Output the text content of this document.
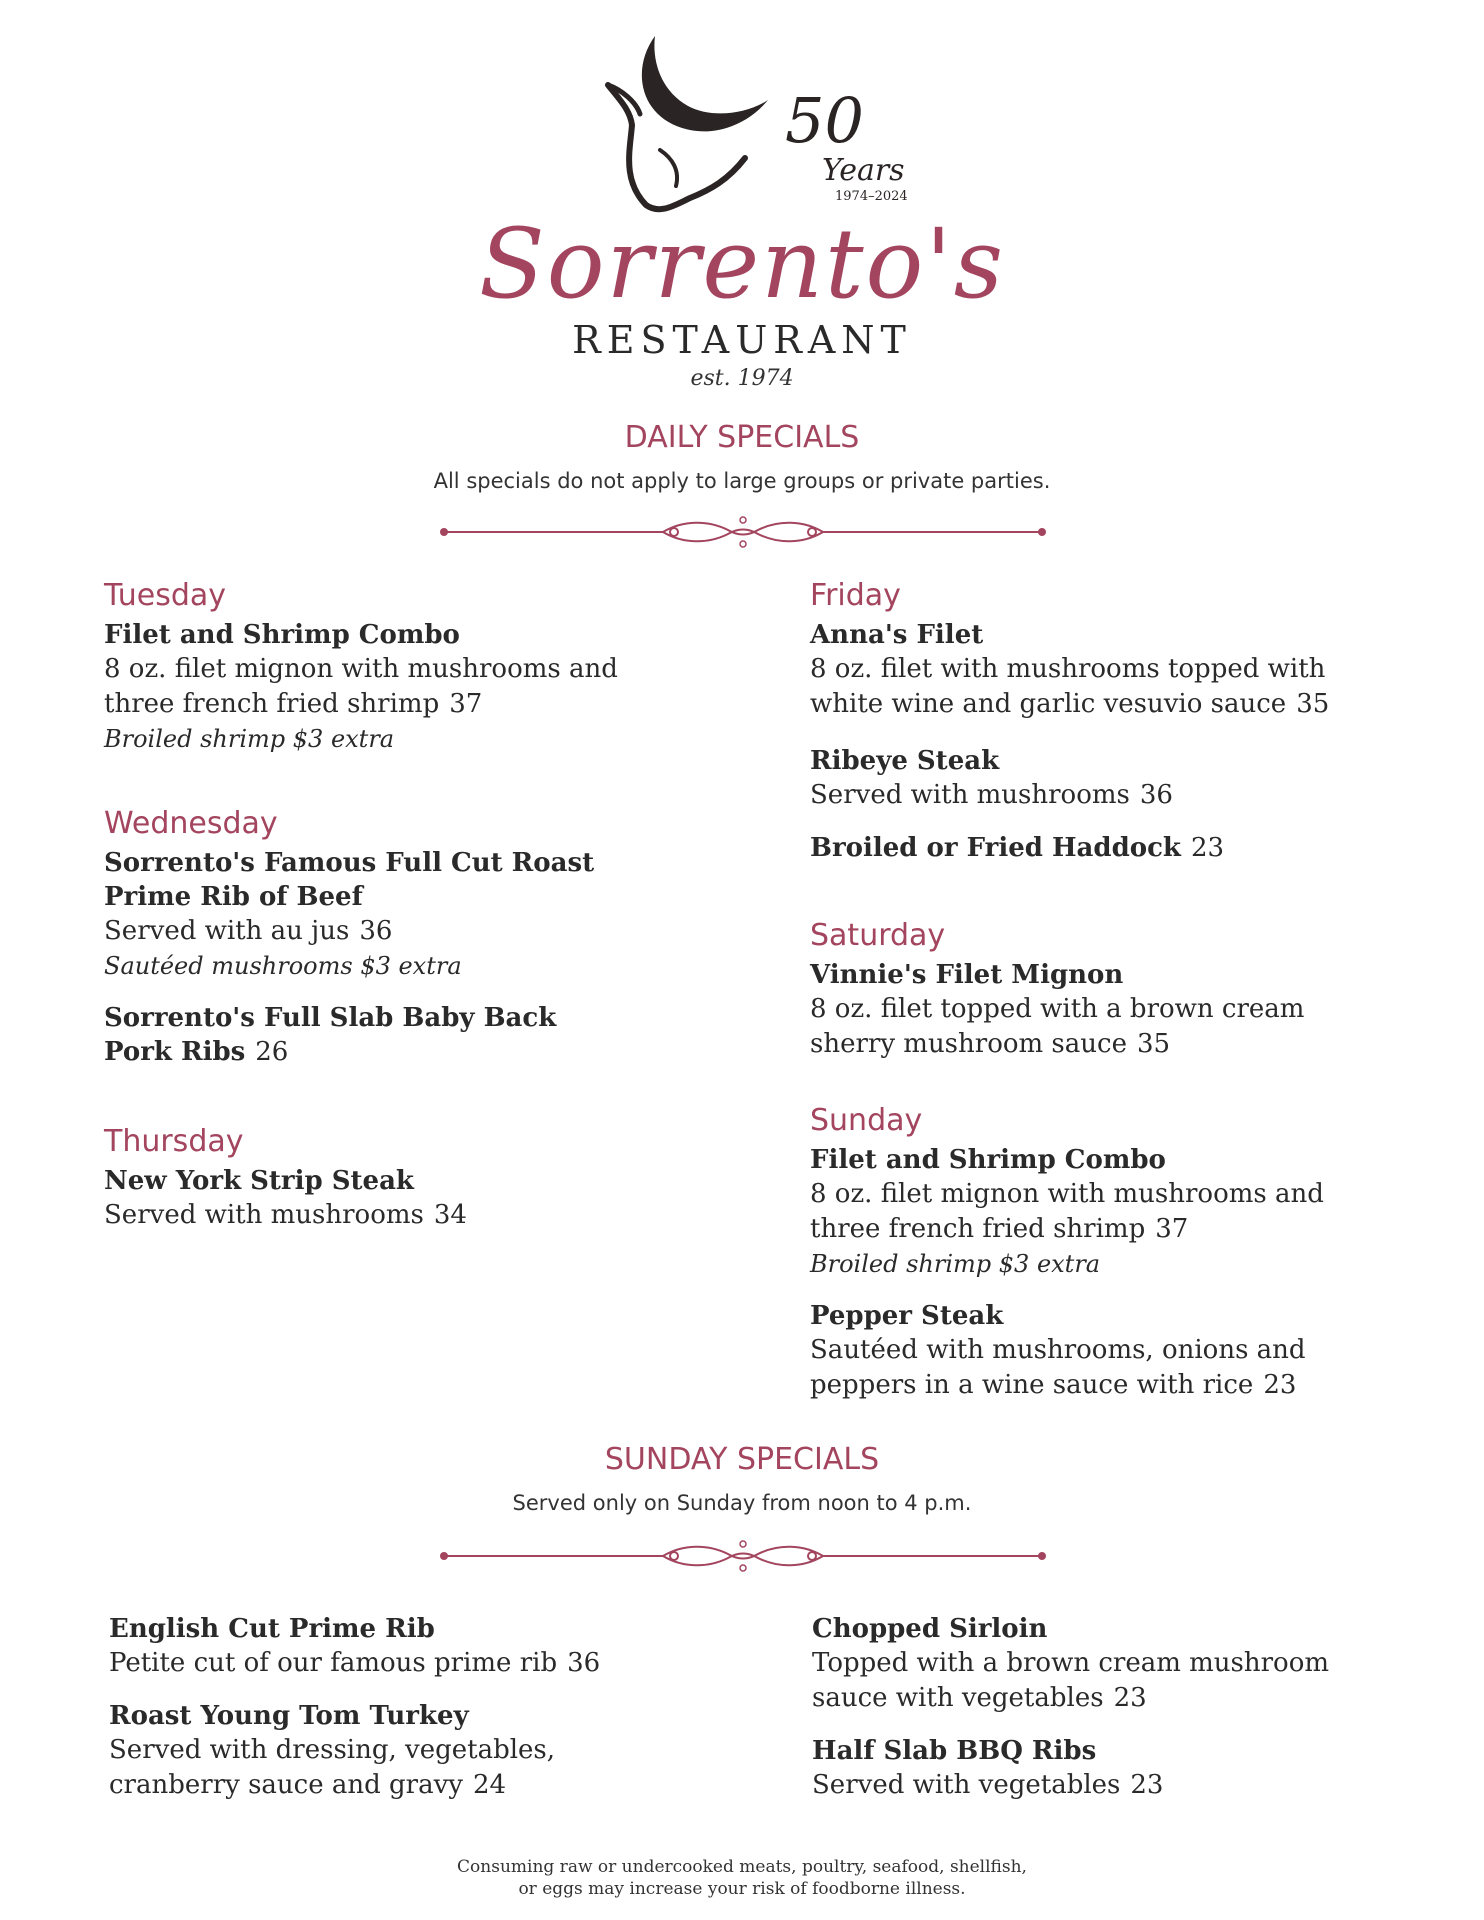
50
Years
1974–2024
Sorrento's
RESTAURANT
est. 1974
DAILY SPECIALS
All specials do not apply to large groups or private parties.
Tuesday
Filet and Shrimp Combo
8 oz. filet mignon with mushrooms and
three french fried shrimp 37
Broiled shrimp $3 extra
Wednesday
Sorrento's Famous Full Cut Roast
Prime Rib of Beef
Served with au jus 36
Sautéed mushrooms $3 extra
Sorrento's Full Slab Baby Back
Pork Ribs 26
Thursday
New York Strip Steak
Served with mushrooms 34
Friday
Anna's Filet
8 oz. filet with mushrooms topped with
white wine and garlic vesuvio sauce 35
Ribeye Steak
Served with mushrooms 36
Broiled or Fried Haddock 23
Saturday
Vinnie's Filet Mignon
8 oz. filet topped with a brown cream
sherry mushroom sauce 35
Sunday
Filet and Shrimp Combo
8 oz. filet mignon with mushrooms and
three french fried shrimp 37
Broiled shrimp $3 extra
Pepper Steak
Sautéed with mushrooms, onions and
peppers in a wine sauce with rice 23
SUNDAY SPECIALS
Served only on Sunday from noon to 4 p.m.
English Cut Prime Rib
Petite cut of our famous prime rib 36
Roast Young Tom Turkey
Served with dressing, vegetables,
cranberry sauce and gravy 24
Chopped Sirloin
Topped with a brown cream mushroom
sauce with vegetables 23
Half Slab BBQ Ribs
Served with vegetables 23
Consuming raw or undercooked meats, poultry, seafood, shellfish,
or eggs may increase your risk of foodborne illness.
